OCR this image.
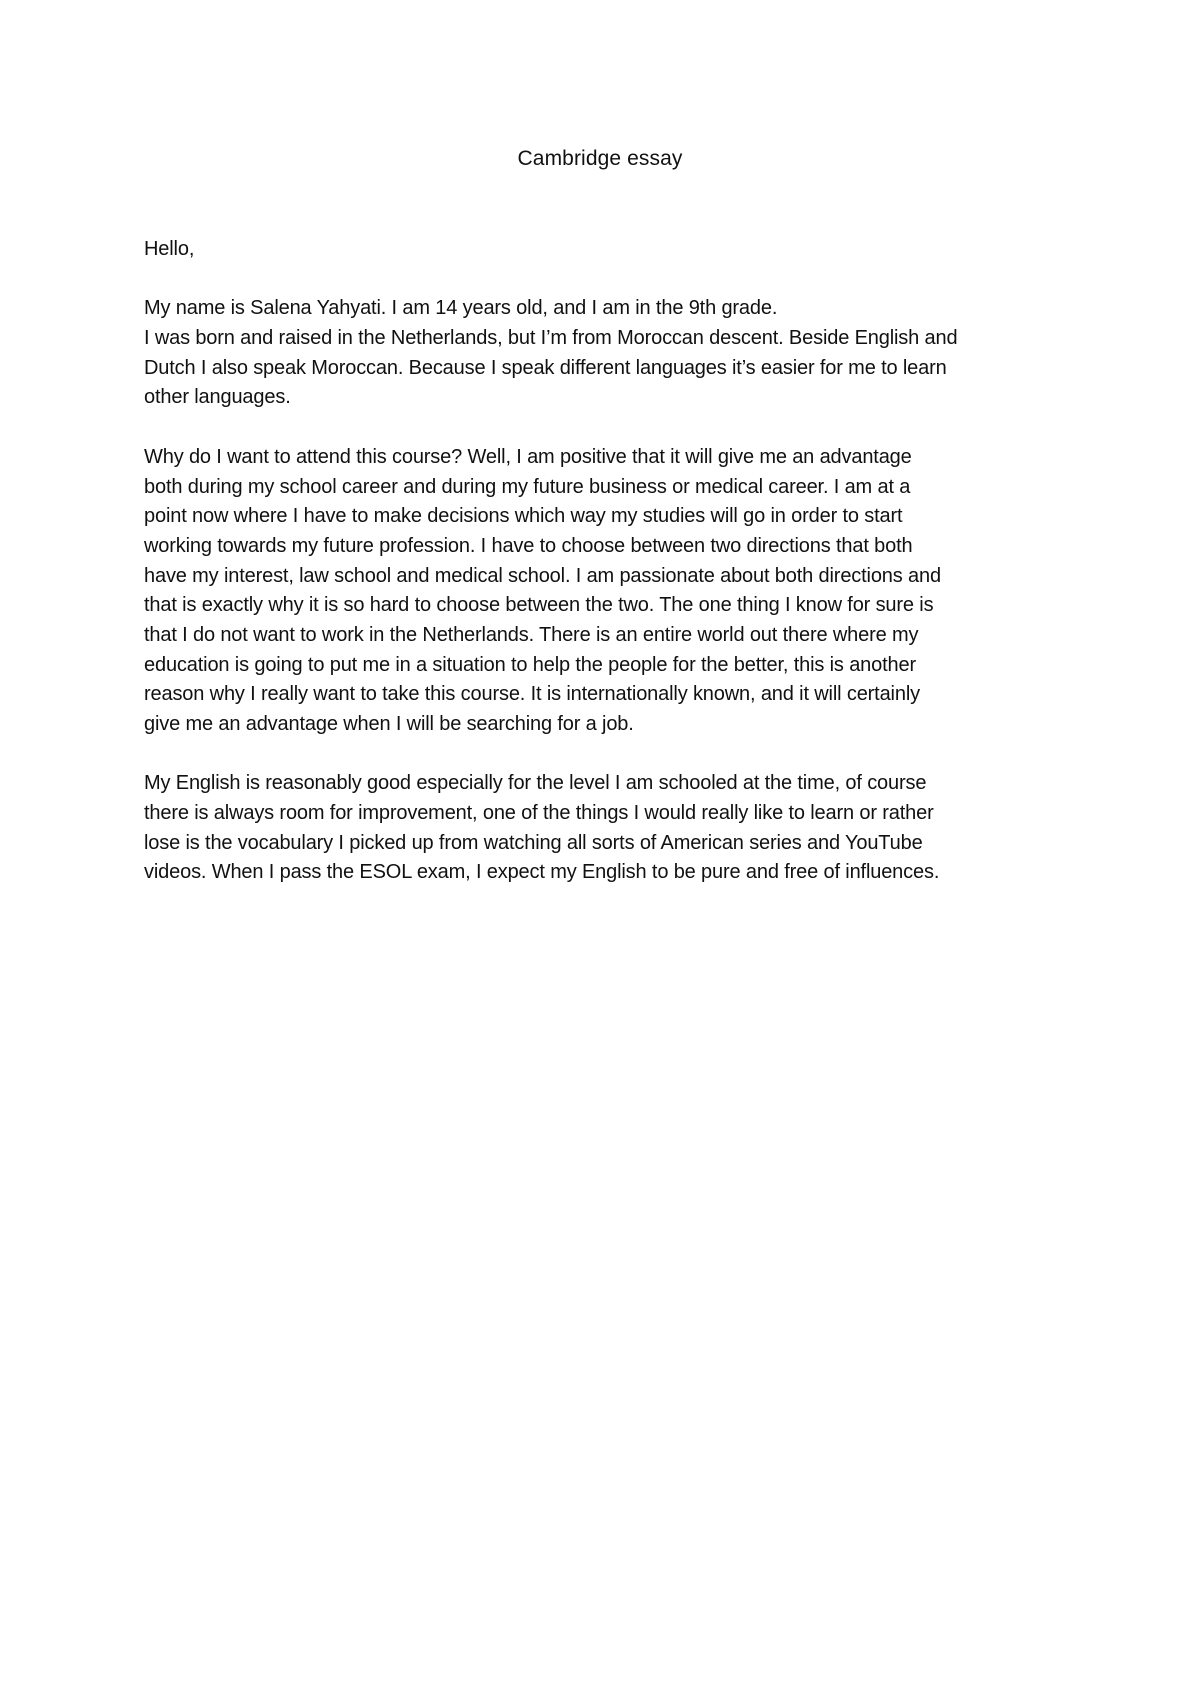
Cambridge essay
Hello,
My name is Salena Yahyati. I am 14 years old, and I am in the 9th grade.
I was born and raised in the Netherlands, but I’m from Moroccan descent. Beside English and
Dutch I also speak Moroccan. Because I speak different languages it’s easier for me to learn
other languages.
Why do I want to attend this course? Well, I am positive that it will give me an advantage
both during my school career and during my future business or medical career. I am at a
point now where I have to make decisions which way my studies will go in order to start
working towards my future profession. I have to choose between two directions that both
have my interest, law school and medical school. I am passionate about both directions and
that is exactly why it is so hard to choose between the two. The one thing I know for sure is
that I do not want to work in the Netherlands. There is an entire world out there where my
education is going to put me in a situation to help the people for the better, this is another
reason why I really want to take this course. It is internationally known, and it will certainly
give me an advantage when I will be searching for a job.
My English is reasonably good especially for the level I am schooled at the time, of course
there is always room for improvement, one of the things I would really like to learn or rather
lose is the vocabulary I picked up from watching all sorts of American series and YouTube
videos. When I pass the ESOL exam, I expect my English to be pure and free of influences.
